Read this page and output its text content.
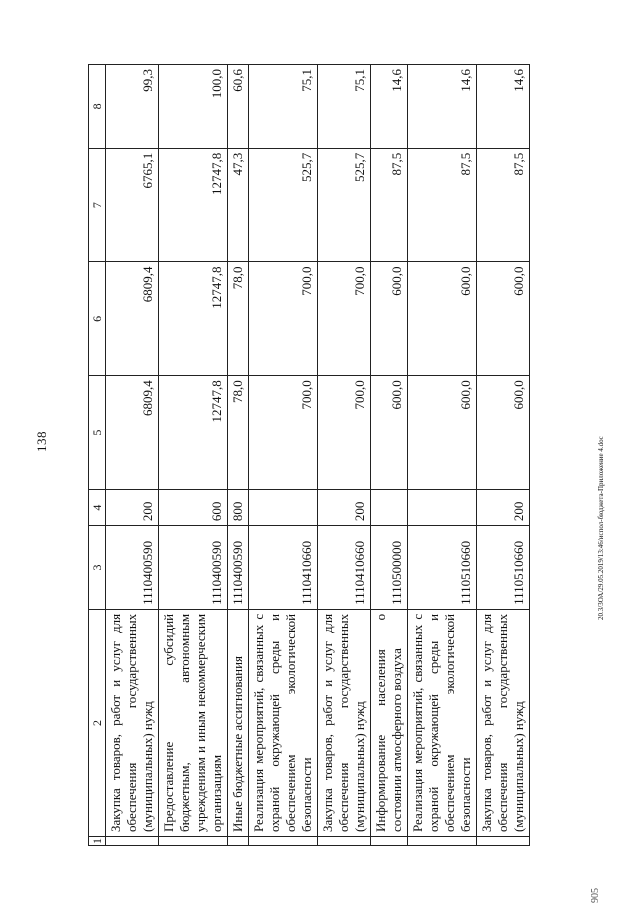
138	20.3/3ОА/29.05.2019/13:46/испол-бюджета-Приложение 4.doc
905
1	2	3	4	5	6	7	8
	Закупка товаров, работ и услуг для обеспечения государственных (муниципальных) нужд	1110400590	200	6809,4	6809,4	6765,1	99,3
	Предоставление субсидий бюджетным, автономным учреждениям и иным некоммерческим организациям	1110400590	600	12747,8	12747,8	12747,8	100,0
	Иные бюджетные ассигнования	1110400590	800	78,0	78,0	47,3	60,6
	Реализация мероприятий, связанных с охраной окружающей среды и обеспечением экологической безопасности	1110410660		700,0	700,0	525,7	75,1
	Закупка товаров, работ и услуг для обеспечения государственных (муниципальных) нужд	1110410660	200	700,0	700,0	525,7	75,1
	Информирование населения о состоянии атмосферного воздуха	1110500000		600,0	600,0	87,5	14,6
	Реализация мероприятий, связанных с охраной окружающей среды и обеспечением экологической безопасности	1110510660		600,0	600,0	87,5	14,6
	Закупка товаров, работ и услуг для обеспечения государственных (муниципальных) нужд	1110510660	200	600,0	600,0	87,5	14,6
